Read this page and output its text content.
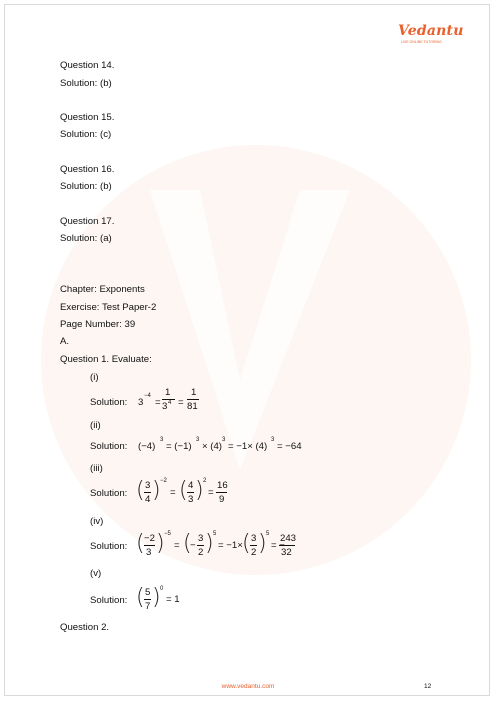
Vedantu
LIVE ONLINE TUTORING
Question 14.
Solution: (b)
Question 15.
Solution: (c)
Question 16.
Solution: (b)
Question 17.
Solution: (a)
Chapter: Exponents
Exercise: Test Paper-2
Page Number: 39
A.
Question 1. Evaluate:
(i)
Solution: 3
−4
=
1
3 4 =
1
81
(ii)
Solution: (−4)
3
= (−1)
3
× (4)
3
= −1× (4)
3
= −64
(iii)
Solution: ( 3
4 ) −2
= ( 4
3 ) 2
=
16
9
(iv)
Solution: ( −2
3 ) −5
= (
−
3
2 ) 5
= −1× ( 3
2 ) 5
= −
243
32
(v)
Solution: ( 5
7 ) 0
= 1
Question 2.
www.vedantu.com	12
